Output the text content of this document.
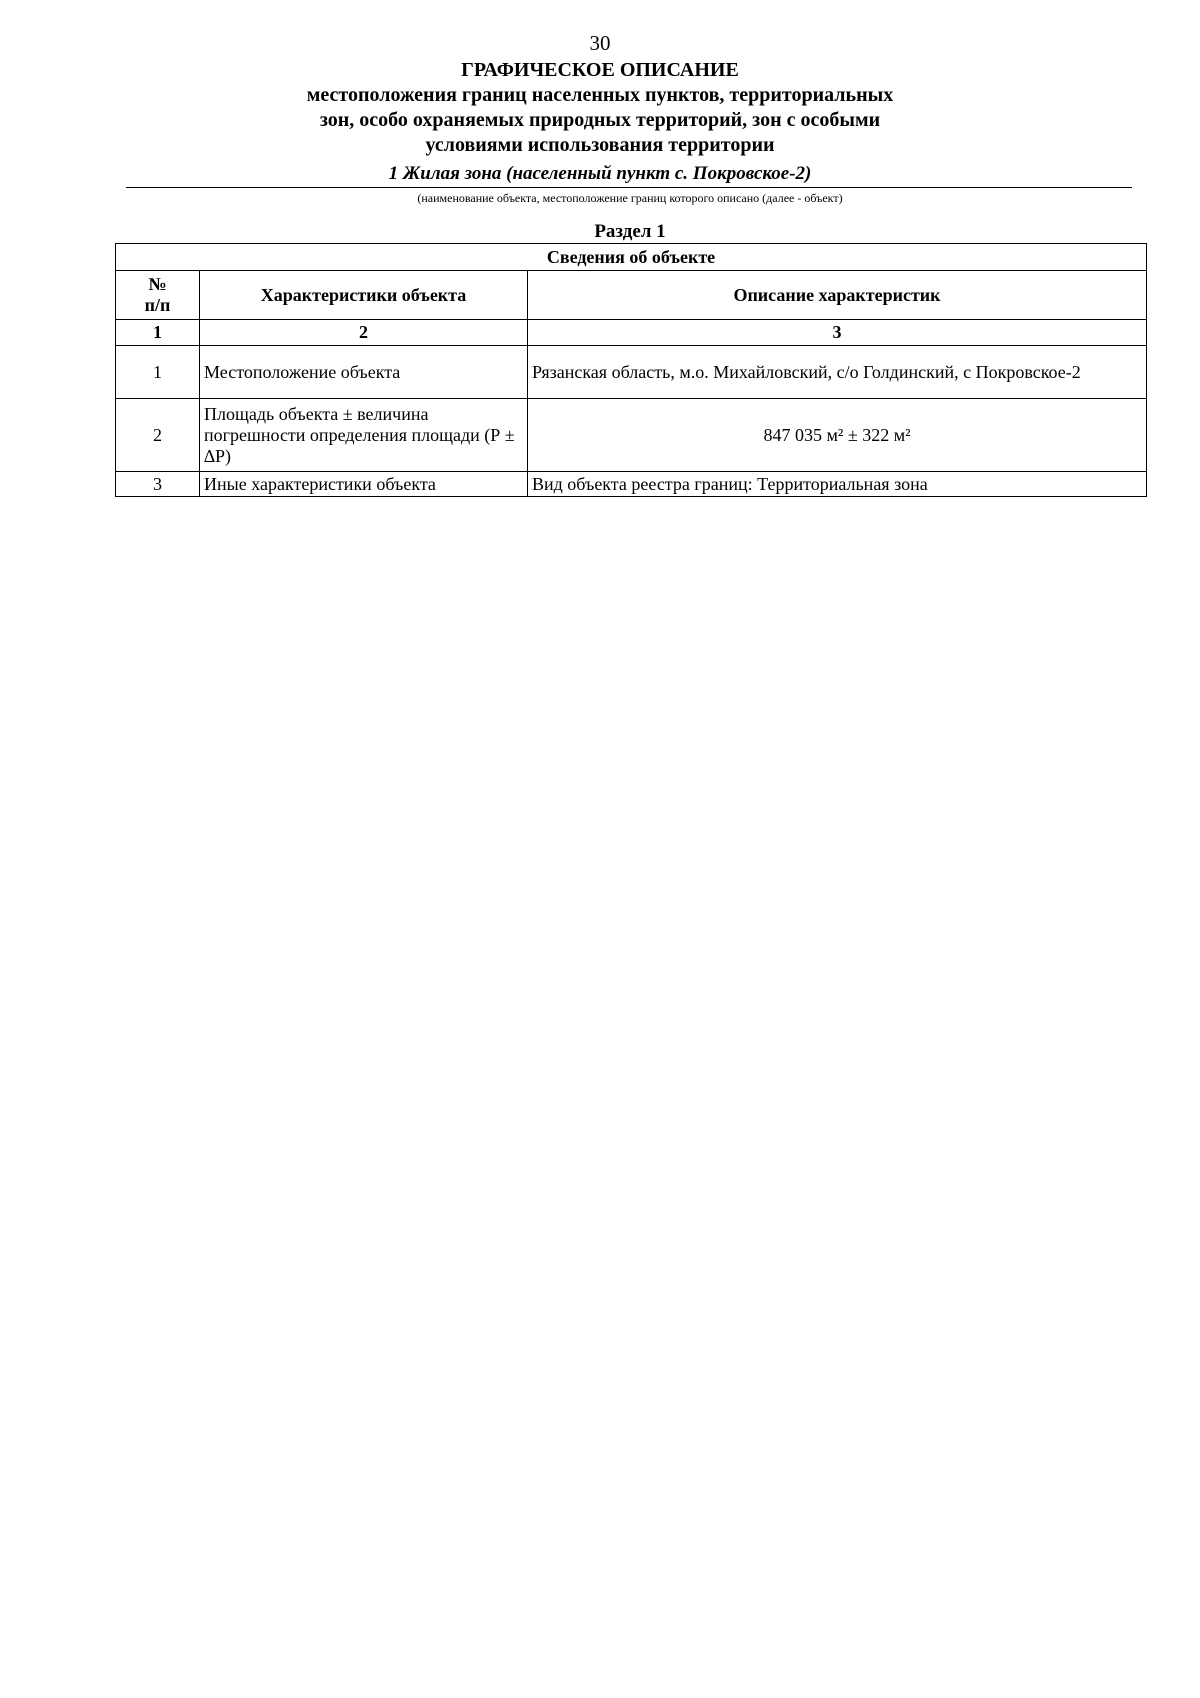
30
ГРАФИЧЕСКОЕ ОПИСАНИЕ
местоположения границ населенных пунктов, территориальных
зон, особо охраняемых природных территорий, зон с особыми
условиями использования территории
1 Жилая зона (населенный пункт с. Покровское-2)
(наименование объекта, местоположение границ которого описано (далее - объект)
Раздел 1
Сведения об объекте		

№
п/п	Характеристики объекта	Описание характеристик
1	2	3
1	Местоположение объекта	Рязанская область, м.о. Михайловский, с/о Голдинский, с Покровское-2
2	Площадь объекта ± величина погрешности определения площади (Р ± ∆Р)	847 035 м² ± 322 м²
3	Иные характеристики объекта	Вид объекта реестра границ: Территориальная зона
